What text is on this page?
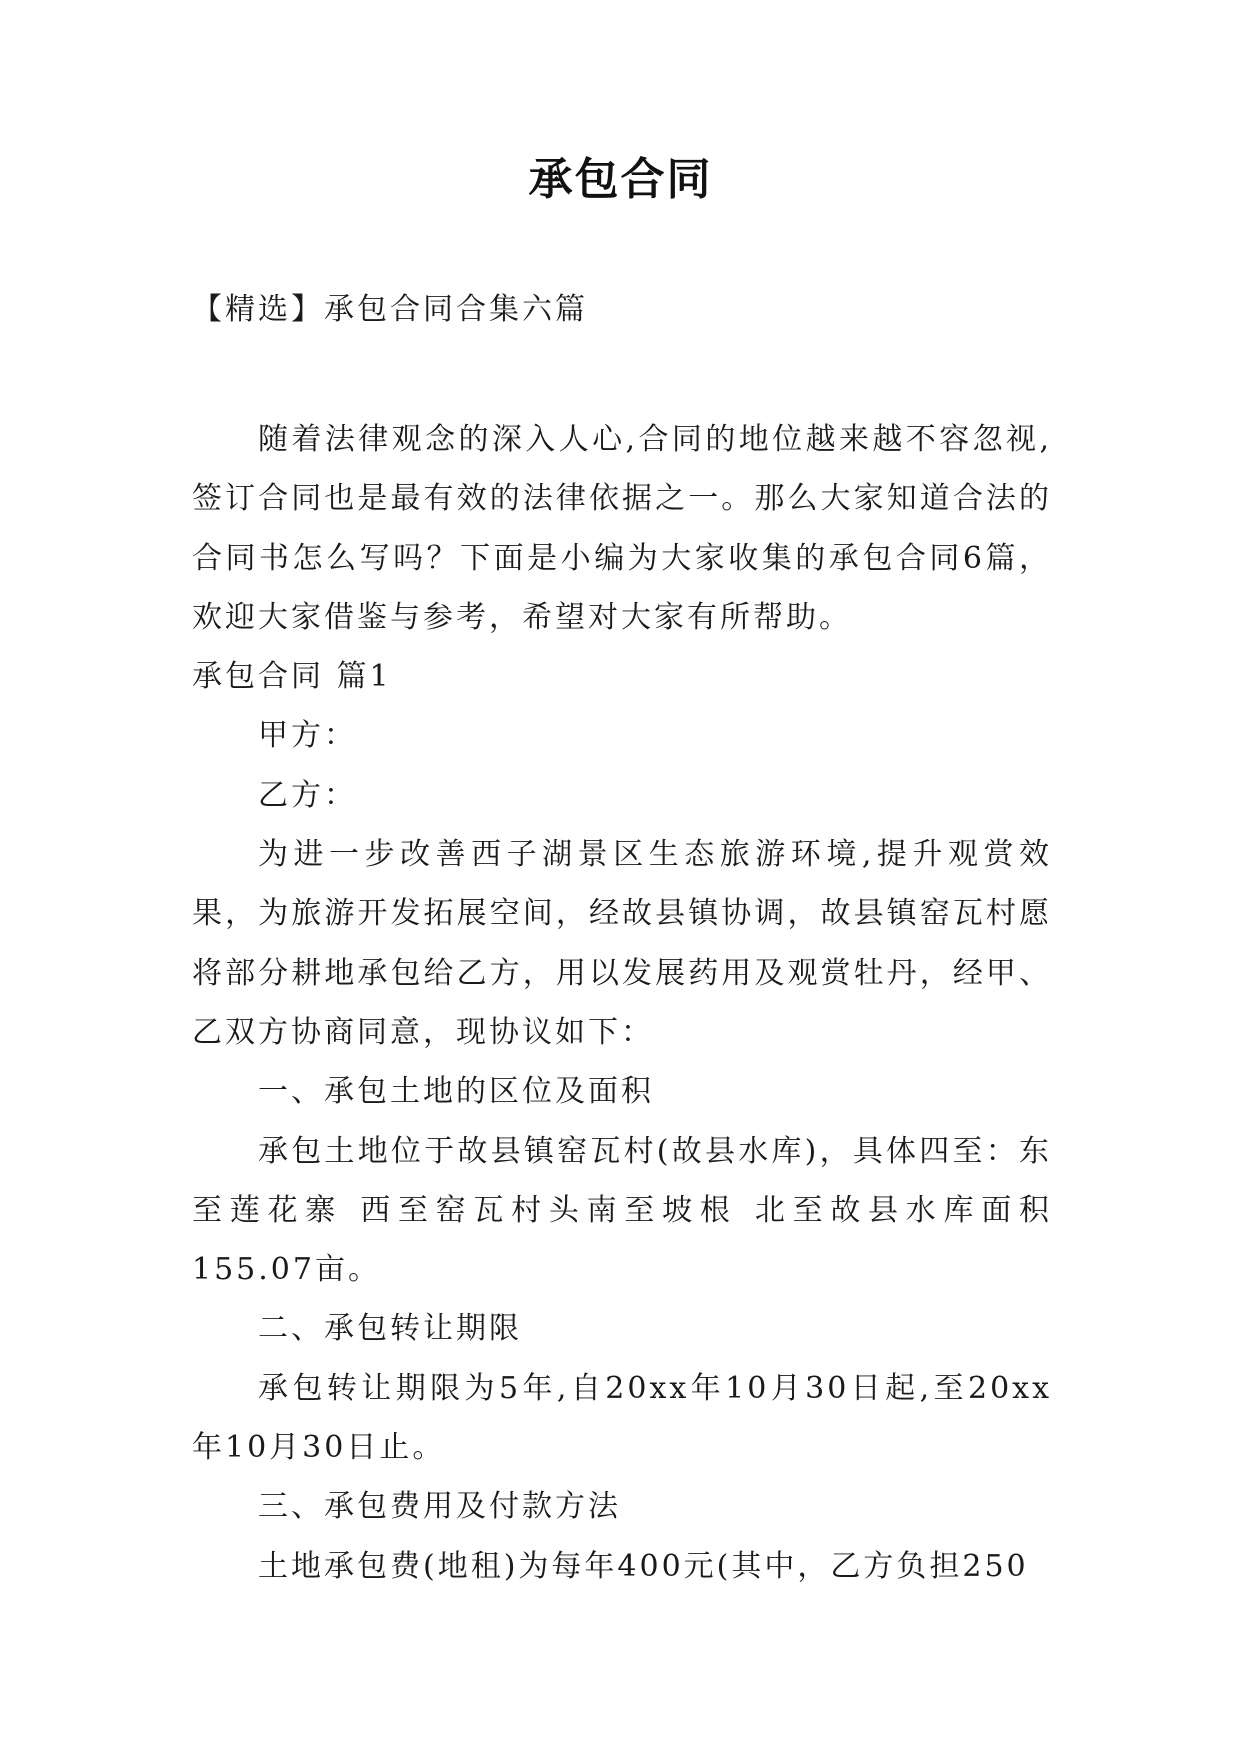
承包合同
【精选】承包合同合集六篇

随着法律观念的深入人心,合同的地位越来越不容忽视,签订合同也是最有效的法律依据之一。那么大家知道合法的合同书怎么写吗？下面是小编为大家收集的承包合同6篇，欢迎大家借鉴与参考，希望对大家有所帮助。

承包合同 篇1

甲方：

乙方：

为进一步改善西子湖景区生态旅游环境,提升观赏效果，为旅游开发拓展空间，经故县镇协调，故县镇窑瓦村愿将部分耕地承包给乙方，用以发展药用及观赏牡丹，经甲、乙双方协商同意，现协议如下：

一、承包土地的区位及面积

承包土地位于故县镇窑瓦村(故县水库)，具体四至：东至莲花寨 西至窑瓦村头南至坡根 北至故县水库面积155.07亩。

二、承包转让期限

承包转让期限为5年,自20xx年10月30日起,至20xx年10月30日止。

三、承包费用及付款方法

土地承包费(地租)为每年400元(其中，乙方负担250
